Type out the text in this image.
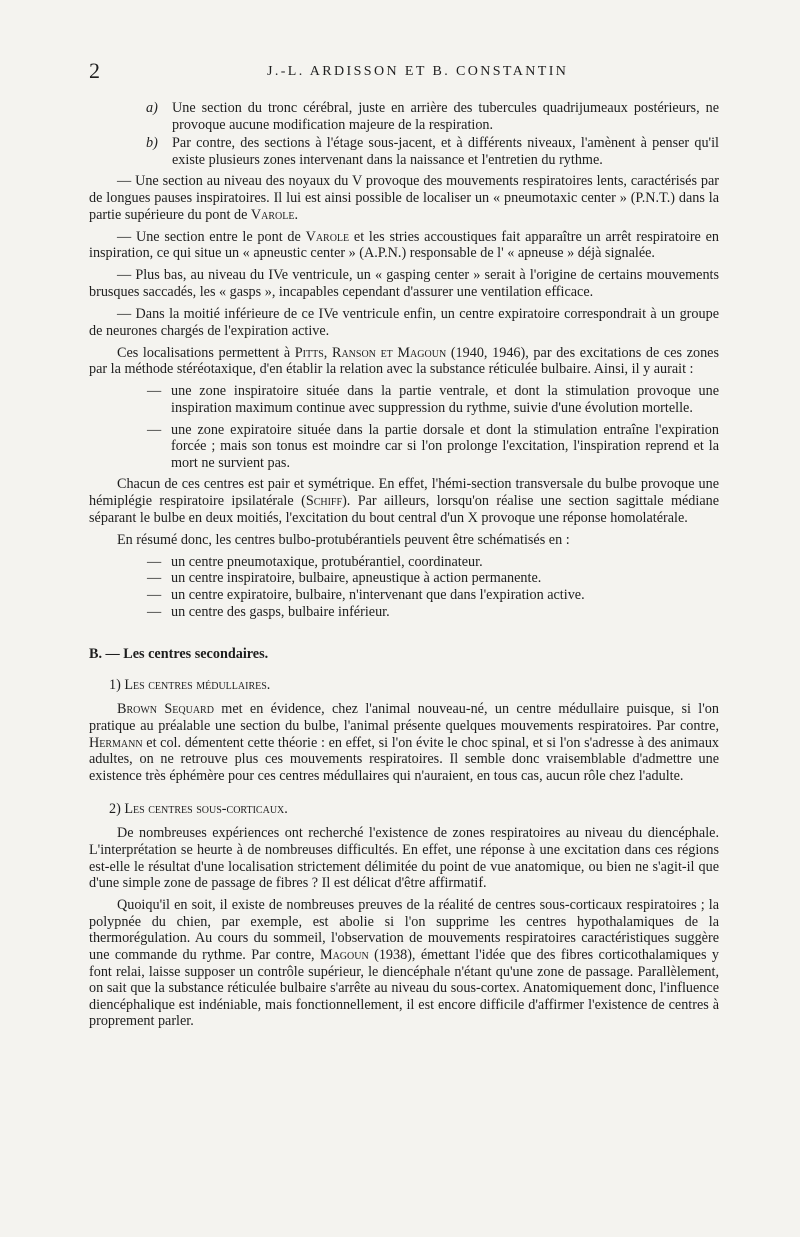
2	J.-L. ARDISSON ET B. CONSTANTIN

a) Une section du tronc cérébral, juste en arrière des tubercules quadrijumeaux postérieurs, ne provoque aucune modification majeure de la respiration.

b) Par contre, des sections à l'étage sous-jacent, et à différents niveaux, l'amènent à penser qu'il existe plusieurs zones intervenant dans la naissance et l'entretien du rythme.

— Une section au niveau des noyaux du V provoque des mouvements respiratoires lents, caractérisés par de longues pauses inspiratoires. Il lui est ainsi possible de localiser un « pneumotaxic center » (P.N.T.) dans la partie supérieure du pont de Varole.

— Une section entre le pont de Varole et les stries accoustiques fait apparaître un arrêt respiratoire en inspiration, ce qui situe un « apneustic center » (A.P.N.) responsable de l' « apneuse » déjà signalée.

— Plus bas, au niveau du IVe ventricule, un « gasping center » serait à l'origine de certains mouvements brusques saccadés, les « gasps », incapables cependant d'assurer une ventilation efficace.

— Dans la moitié inférieure de ce IVe ventricule enfin, un centre expiratoire correspondrait à un groupe de neurones chargés de l'expiration active.

Ces localisations permettent à Pitts, Ranson et Magoun (1940, 1946), par des excitations de ces zones par la méthode stéréotaxique, d'en établir la relation avec la substance réticulée bulbaire. Ainsi, il y aurait :

— une zone inspiratoire située dans la partie ventrale, et dont la stimulation provoque une inspiration maximum continue avec suppression du rythme, suivie d'une évolution mortelle.

— une zone expiratoire située dans la partie dorsale et dont la stimulation entraîne l'expiration forcée ; mais son tonus est moindre car si l'on prolonge l'excitation, l'inspiration reprend et la mort ne survient pas.

Chacun de ces centres est pair et symétrique. En effet, l'hémi-section transversale du bulbe provoque une hémiplégie respiratoire ipsilatérale (Schiff). Par ailleurs, lorsqu'on réalise une section sagittale médiane séparant le bulbe en deux moitiés, l'excitation du bout central d'un X provoque une réponse homolatérale.

En résumé donc, les centres bulbo-protubérantiels peuvent être schématisés en :

— un centre pneumotaxique, protubérantiel, coordinateur.

— un centre inspiratoire, bulbaire, apneustique à action permanente.

— un centre expiratoire, bulbaire, n'intervenant que dans l'expiration active.

— un centre des gasps, bulbaire inférieur.

B. — Les centres secondaires.

1) Les centres médullaires.

Brown Sequard met en évidence, chez l'animal nouveau-né, un centre médullaire puisque, si l'on pratique au préalable une section du bulbe, l'animal présente quelques mouvements respiratoires. Par contre, Hermann et col. démentent cette théorie : en effet, si l'on évite le choc spinal, et si l'on s'adresse à des animaux adultes, on ne retrouve plus ces mouvements respiratoires. Il semble donc vraisemblable d'admettre une existence très éphémère pour ces centres médullaires qui n'auraient, en tous cas, aucun rôle chez l'adulte.

2) Les centres sous-corticaux.

De nombreuses expériences ont recherché l'existence de zones respiratoires au niveau du diencéphale. L'interprétation se heurte à de nombreuses difficultés. En effet, une réponse à une excitation dans ces régions est-elle le résultat d'une localisation strictement délimitée du point de vue anatomique, ou bien ne s'agit-il que d'une simple zone de passage de fibres ? Il est délicat d'être affirmatif.

Quoiqu'il en soit, il existe de nombreuses preuves de la réalité de centres sous-corticaux respiratoires ; la polypnée du chien, par exemple, est abolie si l'on supprime les centres hypothalamiques de la thermorégulation. Au cours du sommeil, l'observation de mouvements respiratoires caractéristiques suggère une commande du rythme. Par contre, Magoun (1938), émettant l'idée que des fibres corticothalamiques y font relai, laisse supposer un contrôle supérieur, le diencéphale n'étant qu'une zone de passage. Parallèlement, on sait que la substance réticulée bulbaire s'arrête au niveau du sous-cortex. Anatomiquement donc, l'influence diencéphalique est indéniable, mais fonctionnellement, il est encore difficile d'affirmer l'existence de centres à proprement parler.
